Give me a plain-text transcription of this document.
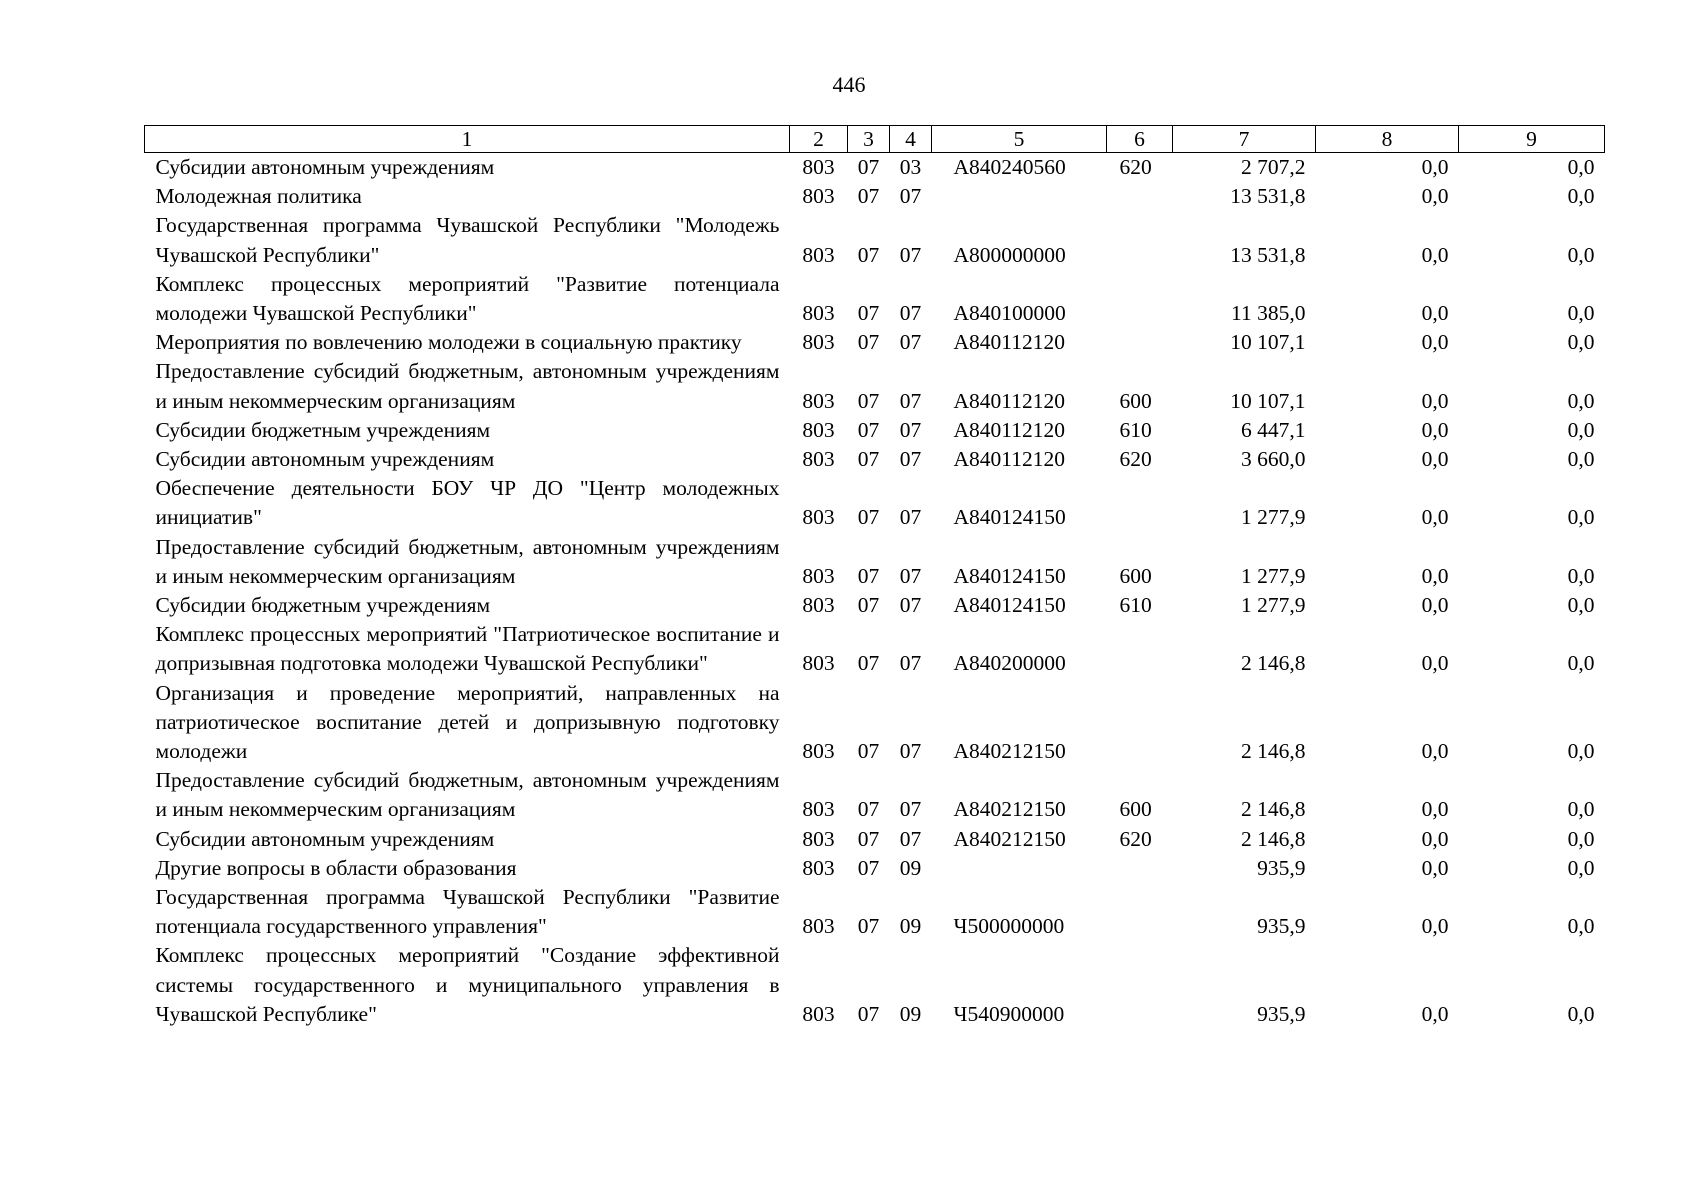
446
1	2	3	4	5	6	7	8	9
Субсидии автономным учреждениям	803	07	03	А840240560	620	2 707,2	0,0	0,0
Молодежная политика	803	07	07			13 531,8	0,0	0,0
Государственная программа Чувашской Республики "Молодежь Чувашской Республики"	803	07	07	А800000000		13 531,8	0,0	0,0
Комплекс процессных мероприятий "Развитие потенциала молодежи Чувашской Республики"	803	07	07	А840100000		11 385,0	0,0	0,0
Мероприятия по вовлечению молодежи в социальную практику	803	07	07	А840112120		10 107,1	0,0	0,0
Предоставление субсидий бюджетным, автономным учреждениям и иным некоммерческим организациям	803	07	07	А840112120	600	10 107,1	0,0	0,0
Субсидии бюджетным учреждениям	803	07	07	А840112120	610	6 447,1	0,0	0,0
Субсидии автономным учреждениям	803	07	07	А840112120	620	3 660,0	0,0	0,0
Обеспечение деятельности БОУ ЧР ДО "Центр молодежных инициатив"	803	07	07	А840124150		1 277,9	0,0	0,0
Предоставление субсидий бюджетным, автономным учреждениям и иным некоммерческим организациям	803	07	07	А840124150	600	1 277,9	0,0	0,0
Субсидии бюджетным учреждениям	803	07	07	А840124150	610	1 277,9	0,0	0,0
Комплекс процессных мероприятий "Патриотическое воспитание и допризывная подготовка молодежи Чувашской Республики"	803	07	07	А840200000		2 146,8	0,0	0,0
Организация и проведение мероприятий, направленных на патриотическое воспитание детей и допризывную подготовку молодежи	803	07	07	А840212150		2 146,8	0,0	0,0
Предоставление субсидий бюджетным, автономным учреждениям и иным некоммерческим организациям	803	07	07	А840212150	600	2 146,8	0,0	0,0
Субсидии автономным учреждениям	803	07	07	А840212150	620	2 146,8	0,0	0,0
Другие вопросы в области образования	803	07	09			935,9	0,0	0,0
Государственная программа Чувашской Республики "Развитие потенциала государственного управления"	803	07	09	Ч500000000		935,9	0,0	0,0
Комплекс процессных мероприятий "Создание эффективной системы государственного и муниципального управления в Чувашской Республике"	803	07	09	Ч540900000		935,9	0,0	0,0
